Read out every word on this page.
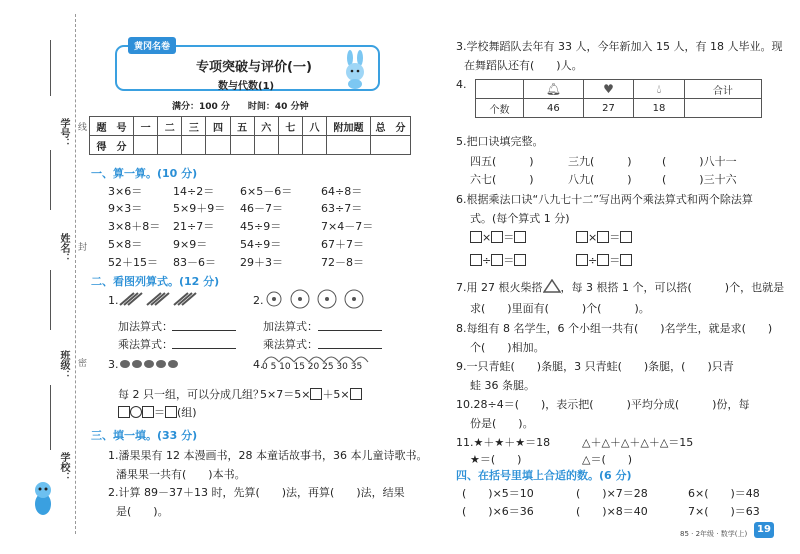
学号：
姓名：
班级：
学校：
线
封
密
黄冈名卷
专项突破与评价(一)
数与代数(1)
满分：100 分　　时间：40 分钟
题　号	一	二	三	四	五	六	七	八	附加题	总　分
得　分										
一、算一算。(10 分)
3×6＝	14÷2＝ 6×5－6＝	64÷8＝
9×3＝	5×9＋9＝ 46－7＝	63÷7＝
3×8＋8＝ 21÷7＝ 45÷9＝	7×4－7＝
5×8＝	9×9＝	54÷9＝	67＋7＝
52＋15＝ 83－6＝ 29＋3＝	72－8＝
二、看图列算式。(12 分)
1.
加法算式：
乘法算式：
2.
加法算式：
乘法算式：
3.
每 2 只一组，可以分成几组？
＝ (组)
4.
0 5 10 15 20 25 30 35
5×7＝5× ＋5×
三、填一填。(33 分)
1.潘果果有 12 本漫画书，28 本童话故事书，36 本儿童诗歌书。
潘果果一共有(　　)本书。
2.计算 89－37＋13 时，先算(　　)法，再算(　　)法，结果
是(　　)。
3.学校舞蹈队去年有 33 人，今年新加入 15 人，有 18 人毕业。现
在舞蹈队还有(　　)人。
4.
		🔔︎	♥︎	💧︎	合计
个数	46	27	18	
5.把口诀填完整。
四五(　　　)	三九(　　　)	(　　　)八十一
六七(　　　)	八九(　　　)	(　　　)三十六
6.根据乘法口诀“八九七十二”写出两个乘法算式和两个除法算
式。(每个算式 1 分)
× ＝	× ＝
÷ ＝	÷ ＝
7.用 27 根火柴搭 ，每 3 根搭 1 个，可以搭(　　　)个，也就是
求(　　)里面有(　　　)个(　　　)。
8.每组有 8 名学生，6 个小组一共有(　　)名学生，就是求(　　)
个(　　)相加。
9.一只青蛙(　　)条腿，3 只青蛙(　　)条腿，(　　)只青
蛙 36 条腿。
10.28÷4＝(　　)，表示把(　　　)平均分成(　　　)份，每
份是(　　)。
11.★＋★＋★＝18	△＋△＋△＋△＋△＝15
★＝(　　)	△＝(　　)
四、在括号里填上合适的数。(6 分)
(　　)×5＝10	(　　)×7＝28	6×(　　)＝48
(　　)×6＝36	(　　)×8＝40	7×(　　)＝63
85 · 2年级 · 数学(上) 19
